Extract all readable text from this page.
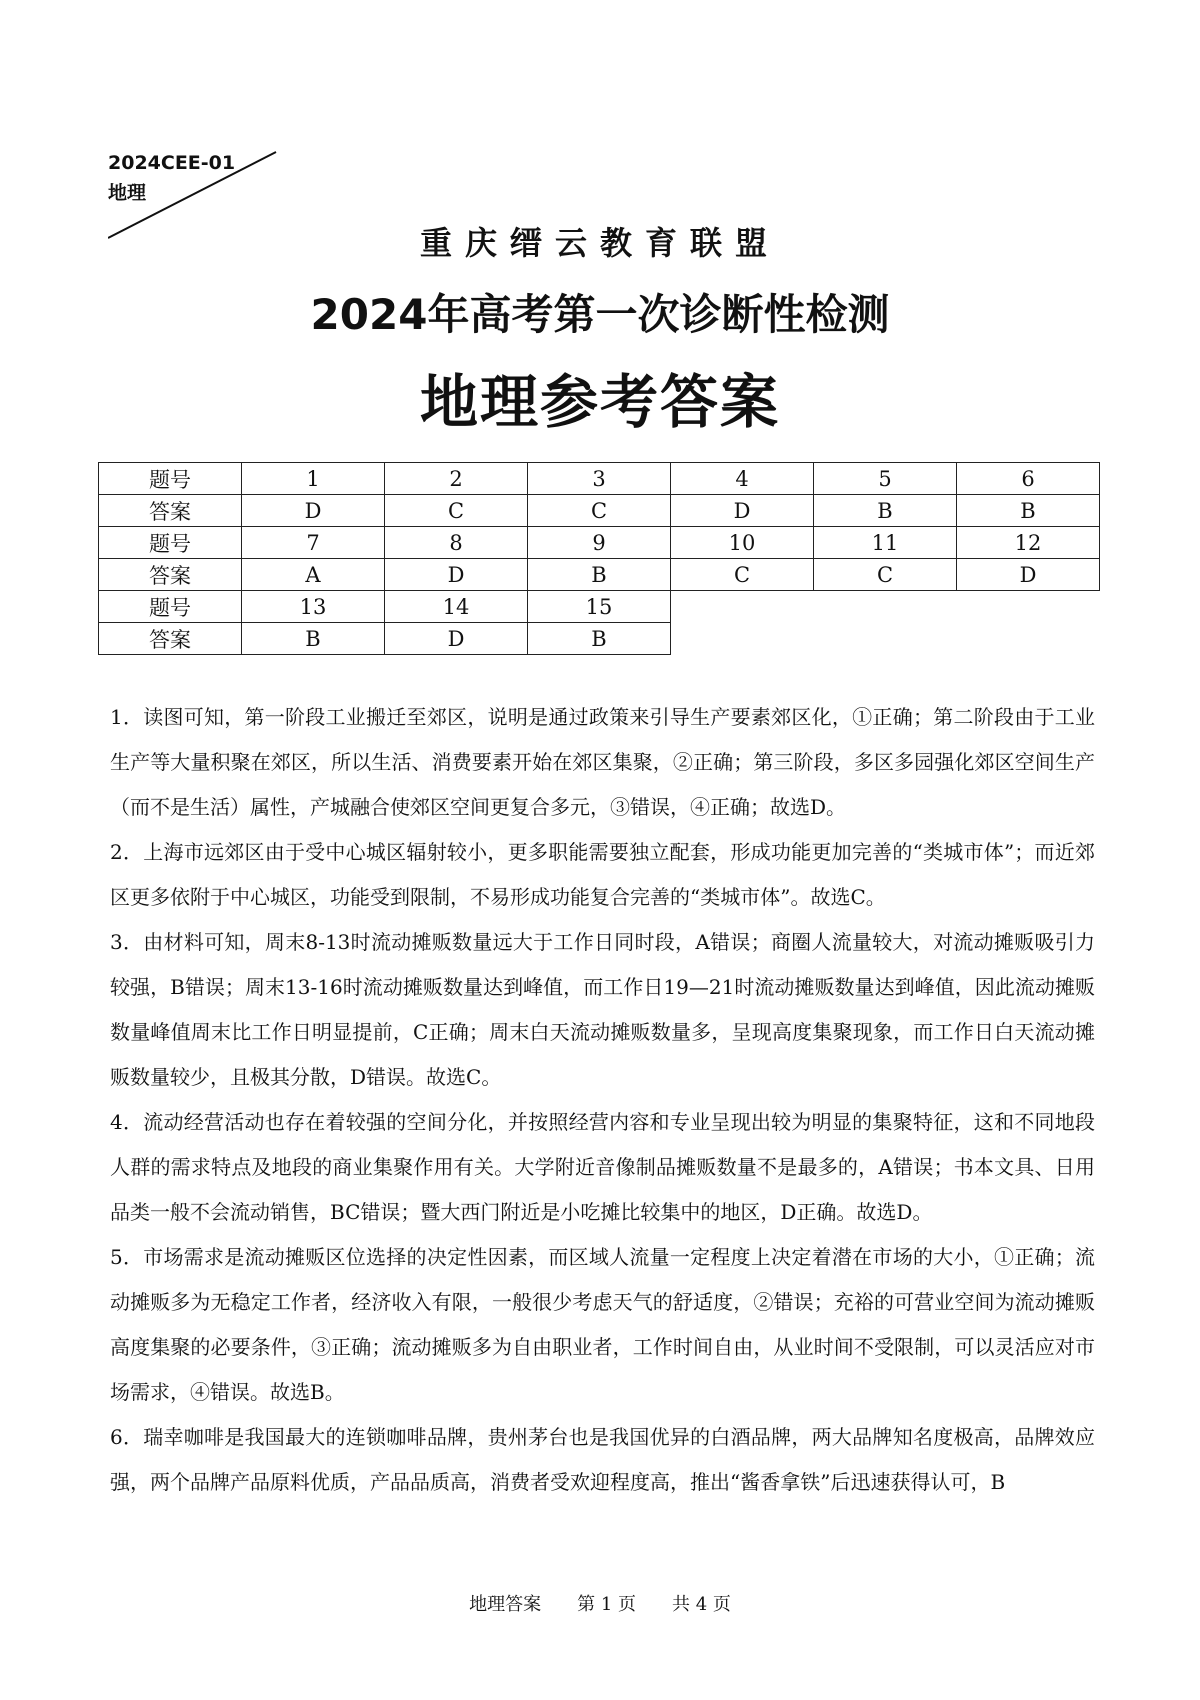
2024CEE-01
地理
重庆缙云教育联盟
2024年高考第一次诊断性检测
地理参考答案
题号	1	2	3	4	5	6
答案	D	C	C	D	B	B
题号	7	8	9	10	11	12
答案	A	D	B	C	C	D
题号	13	14	15			
答案	B	D	B			

1．读图可知，第一阶段工业搬迁至郊区，说明是通过政策来引导生产要素郊区化，①正确；第二阶段由于工业生产等大量积聚在郊区，所以生活、消费要素开始在郊区集聚，②正确；第三阶段，多区多园强化郊区空间生产（而不是生活）属性，产城融合使郊区空间更复合多元，③错误，④正确；故选D。

2．上海市远郊区由于受中心城区辐射较小，更多职能需要独立配套，形成功能更加完善的“类城市体”；而近郊区更多依附于中心城区，功能受到限制，不易形成功能复合完善的“类城市体”。故选C。

3．由材料可知，周末8-13时流动摊贩数量远大于工作日同时段，A错误；商圈人流量较大，对流动摊贩吸引力较强，B错误；周末13-16时流动摊贩数量达到峰值，而工作日19—21时流动摊贩数量达到峰值，因此流动摊贩数量峰值周末比工作日明显提前，C正确；周末白天流动摊贩数量多，呈现高度集聚现象，而工作日白天流动摊贩数量较少，且极其分散，D错误。故选C。

4．流动经营活动也存在着较强的空间分化，并按照经营内容和专业呈现出较为明显的集聚特征，这和不同地段人群的需求特点及地段的商业集聚作用有关。大学附近音像制品摊贩数量不是最多的，A错误；书本文具、日用品类一般不会流动销售，BC错误；暨大西门附近是小吃摊比较集中的地区，D正确。故选D。

5．市场需求是流动摊贩区位选择的决定性因素，而区域人流量一定程度上决定着潜在市场的大小，①正确；流动摊贩多为无稳定工作者，经济收入有限，一般很少考虑天气的舒适度，②错误；充裕的可营业空间为流动摊贩高度集聚的必要条件，③正确；流动摊贩多为自由职业者，工作时间自由，从业时间不受限制，可以灵活应对市场需求，④错误。故选B。

6．瑞幸咖啡是我国最大的连锁咖啡品牌，贵州茅台也是我国优异的白酒品牌，两大品牌知名度极高，品牌效应强，两个品牌产品原料优质，产品品质高，消费者受欢迎程度高，推出“酱香拿铁”后迅速获得认可，B

地理答案　　第 1 页　　共 4 页
